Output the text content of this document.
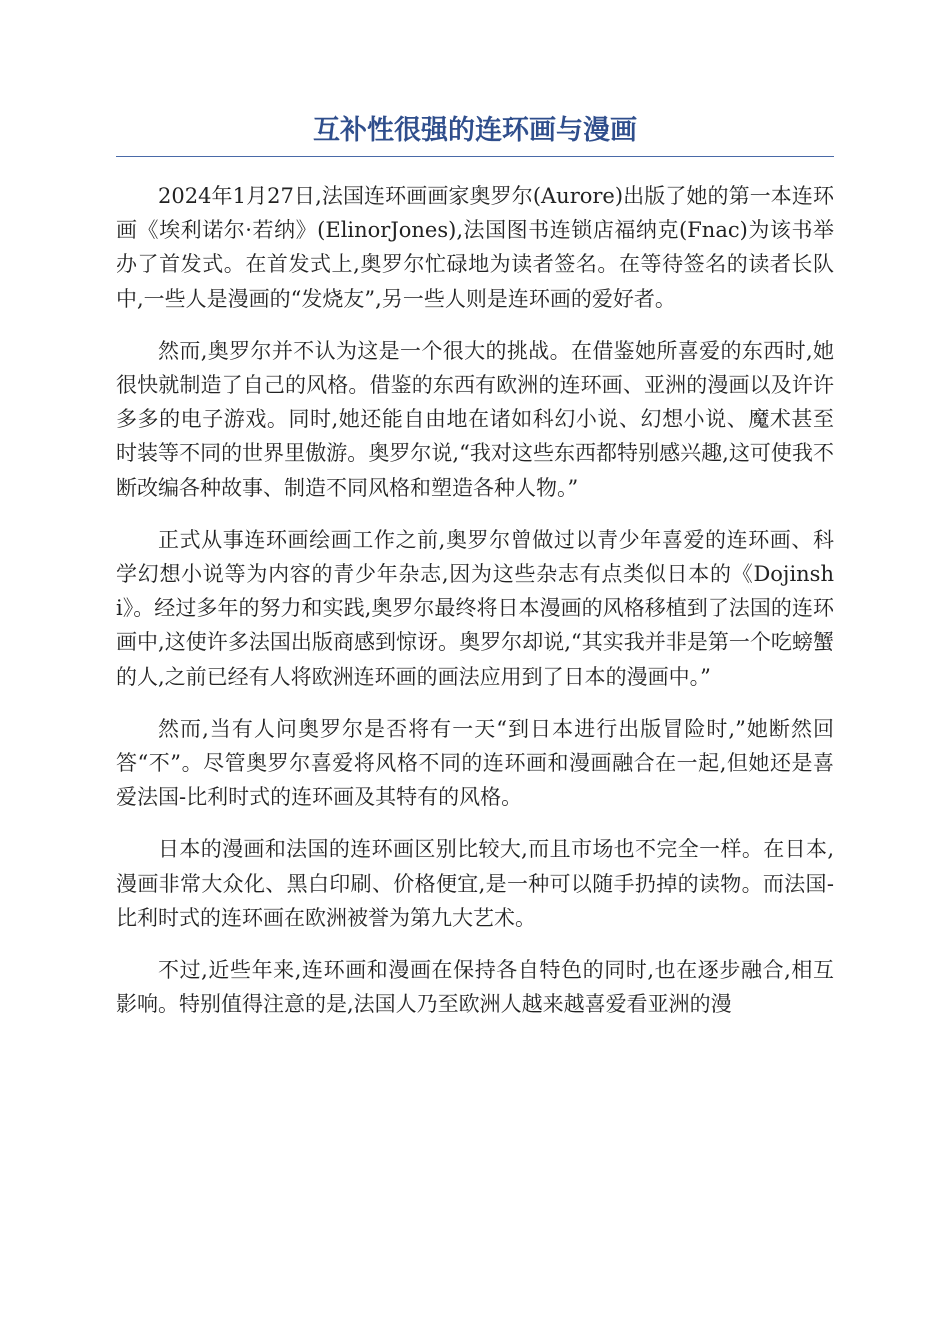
互补性很强的连环画与漫画

2024年1月27日,法国连环画画家奥罗尔(Aurore)出版了她的第一本连环画《埃利诺尔·若纳》(ElinorJones),法国图书连锁店福纳克(Fnac)为该书举办了首发式。在首发式上,奥罗尔忙碌地为读者签名。在等待签名的读者长队中,一些人是漫画的“发烧友”,另一些人则是连环画的爱好者。

然而,奥罗尔并不认为这是一个很大的挑战。在借鉴她所喜爱的东西时,她很快就制造了自己的风格。借鉴的东西有欧洲的连环画、亚洲的漫画以及许许多多的电子游戏。同时,她还能自由地在诸如科幻小说、幻想小说、魔术甚至时装等不同的世界里傲游。奥罗尔说,“我对这些东西都特别感兴趣,这可使我不断改编各种故事、制造不同风格和塑造各种人物。”

正式从事连环画绘画工作之前,奥罗尔曾做过以青少年喜爱的连环画、科学幻想小说等为内容的青少年杂志,因为这些杂志有点类似日本的《Dojinshi》。经过多年的努力和实践,奥罗尔最终将日本漫画的风格移植到了法国的连环画中,这使许多法国出版商感到惊讶。奥罗尔却说,“其实我并非是第一个吃螃蟹的人,之前已经有人将欧洲连环画的画法应用到了日本的漫画中。”

然而,当有人问奥罗尔是否将有一天“到日本进行出版冒险时,”她断然回答“不”。尽管奥罗尔喜爱将风格不同的连环画和漫画融合在一起,但她还是喜爱法国-比利时式的连环画及其特有的风格。

日本的漫画和法国的连环画区别比较大,而且市场也不完全一样。在日本,漫画非常大众化、黑白印刷、价格便宜,是一种可以随手扔掉的读物。而法国-比利时式的连环画在欧洲被誉为第九大艺术。

不过,近些年来,连环画和漫画在保持各自特色的同时,也在逐步融合,相互影响。特别值得注意的是,法国人乃至欧洲人越来越喜爱看亚洲的漫
